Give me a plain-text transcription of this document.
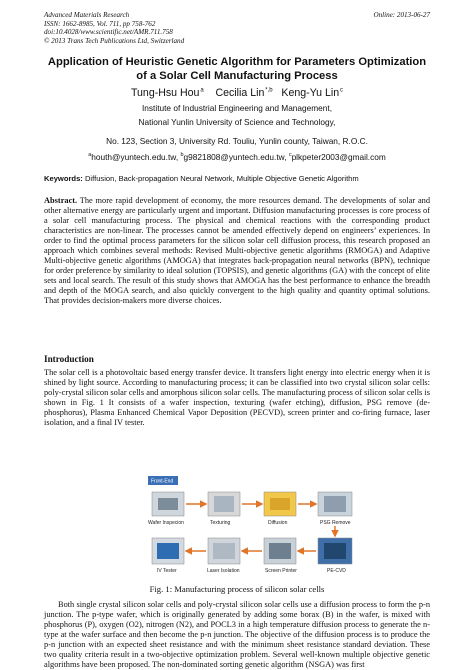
Advanced Materials Research
ISSN: 1662-8985, Vol. 711, pp 758-762
doi:10.4028/www.scientific.net/AMR.711.758
© 2013 Trans Tech Publications Ltd, Switzerland
Online: 2013-06-27
Application of Heuristic Genetic Algorithm for Parameters Optimization
of a Solar Cell Manufacturing Process
Tung-Hsu Hou $^a$ Cecilia Lin $^{*,b}$ Keng-Yu Lin $^c$
Institute of Industrial Engineering and Management,
National Yunlin University of Science and Technology,
No. 123, Section 3, University Rd. Touliu, Yunlin county, Taiwan, R.O.C.
$^a$houth@yuntech.edu.tw, $^b$g9821808@yuntech.edu.tw, $^c$plkpeter2003@gmail.com
Keywords: Diffusion, Back-propagation Neural Network, Multiple Objective Genetic Algorithm
Abstract. The more rapid development of economy, the more resources demand. The developments of solar and other alternative energy are particularly urgent and important. Diffusion manufacturing processes is core process of a solar cell manufacturing process. The physical and chemical reactions with the corresponding product characteristics are non-linear. The processes cannot be amended effectively depend on engineers’ experiences. In order to find the optimal process parameters for the silicon solar cell diffusion process, this research proposed an approach which combines several methods: Revised Multi-objective genetic algorithms (RMOGA) and Adaptive Multi-objective genetic algorithms (AMOGA) that integrates back-propagation neural networks (BPN), technique for order preference by similarity to ideal solution (TOPSIS), and genetic algorithms (GA) with the concept of elite sets and local search. The result of this study shows that AMOGA has the best performance to enhance the breadth and depth of the MOGA search, and also quickly convergent to the high quality and quantity optimal solutions. That provides decision-makers more diverse choices.
Introduction
The solar cell is a photovoltaic based energy transfer device. It transfers light energy into electric energy when it is shined by light source. According to manufacturing process; it can be classified into two crystal silicon solar cells: poly-crystal silicon solar cells and amorphous silicon solar cells. The manufacturing process of silicon solar cells is shown in Fig. 1 It consists of a wafer inspection, texturing (wafer etching), diffusion, PSG remove (de-phosphorus), Plasma Enhanced Chemical Vapor Deposition (PECVD), screen printer and co-firing furnace, laser isolation, and a final IV tester.
Front-End
Wafer Inspecion	Texturing	Diffusion	PSG Remove
IV Tester	Laser Isolation	Screen Printer	PE-CVD
Fig. 1: Manufacturing process of silicon solar cells
Both single crystal silicon solar cells and poly-crystal silicon solar cells use a diffusion process to form the p-n junction. The p-type wafer, which is originally generated by adding some borax (B) in the wafer, is mixed with phosphorus (P), oxygen (O2), nitrogen (N2), and POCL3 in a high temperature diffusion process to generate the n-type at the wafer surface and then become the p-n junction. The objective of the diffusion process is to produce the p-n junction with an expected sheet resistance and with the minimum sheet resistance standard deviation. These two quality criteria result in a two-objective optimization problem. Several well-known multiple objective genetic algorithms have been proposed. The non-dominated sorting genetic algorithm (NSGA) was first
